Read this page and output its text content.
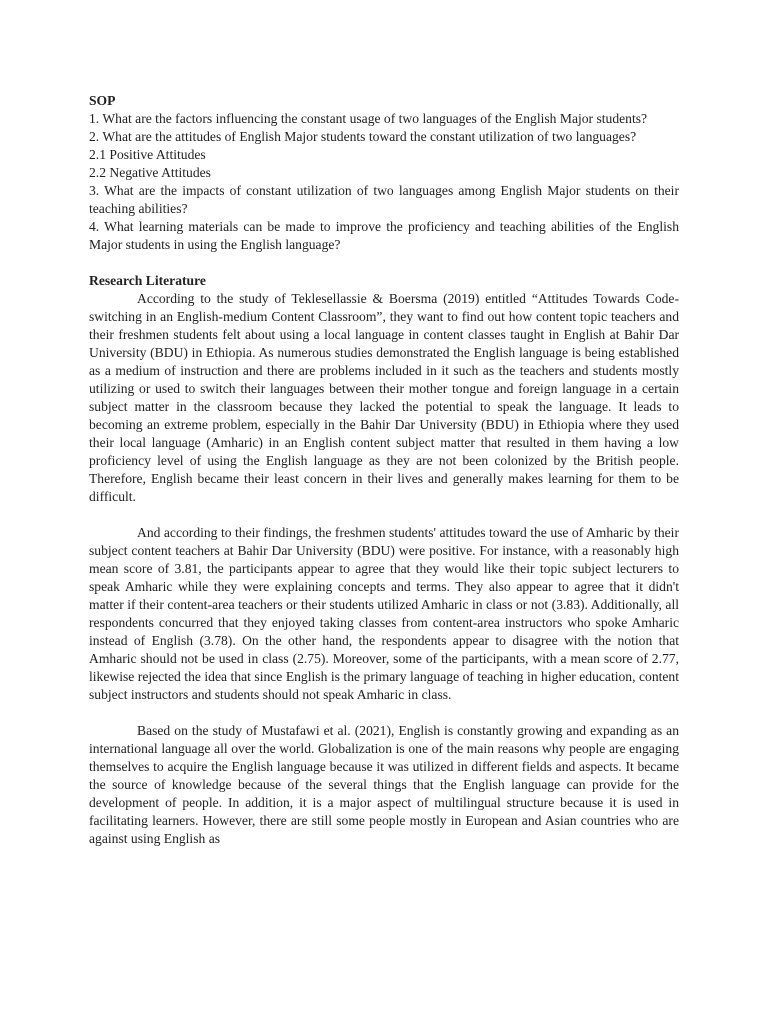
SOP

1. What are the factors influencing the constant usage of two languages of the English Major students?

2. What are the attitudes of English Major students toward the constant utilization of two languages?

2.1 Positive Attitudes

2.2 Negative Attitudes

3. What are the impacts of constant utilization of two languages among English Major students on their teaching abilities?

4. What learning materials can be made to improve the proficiency and teaching abilities of the English Major students in using the English language?

Research Literature

According to the study of Teklesellassie & Boersma (2019) entitled “Attitudes Towards Code-switching in an English-medium Content Classroom”, they want to find out how content topic teachers and their freshmen students felt about using a local language in content classes taught in English at Bahir Dar University (BDU) in Ethiopia. As numerous studies demonstrated the English language is being established as a medium of instruction and there are problems included in it such as the teachers and students mostly utilizing or used to switch their languages between their mother tongue and foreign language in a certain subject matter in the classroom because they lacked the potential to speak the language. It leads to becoming an extreme problem, especially in the Bahir Dar University (BDU) in Ethiopia where they used their local language (Amharic) in an English content subject matter that resulted in them having a low proficiency level of using the English language as they are not been colonized by the British people. Therefore, English became their least concern in their lives and generally makes learning for them to be difficult.

And according to their findings, the freshmen students' attitudes toward the use of Amharic by their subject content teachers at Bahir Dar University (BDU) were positive. For instance, with a reasonably high mean score of 3.81, the participants appear to agree that they would like their topic subject lecturers to speak Amharic while they were explaining concepts and terms. They also appear to agree that it didn't matter if their content-area teachers or their students utilized Amharic in class or not (3.83). Additionally, all respondents concurred that they enjoyed taking classes from content-area instructors who spoke Amharic instead of English (3.78). On the other hand, the respondents appear to disagree with the notion that Amharic should not be used in class (2.75). Moreover, some of the participants, with a mean score of 2.77, likewise rejected the idea that since English is the primary language of teaching in higher education, content subject instructors and students should not speak Amharic in class.

Based on the study of Mustafawi et al. (2021), English is constantly growing and expanding as an international language all over the world. Globalization is one of the main reasons why people are engaging themselves to acquire the English language because it was utilized in different fields and aspects. It became the source of knowledge because of the several things that the English language can provide for the development of people. In addition, it is a major aspect of multilingual structure because it is used in facilitating learners. However, there are still some people mostly in European and Asian countries who are against using English as
